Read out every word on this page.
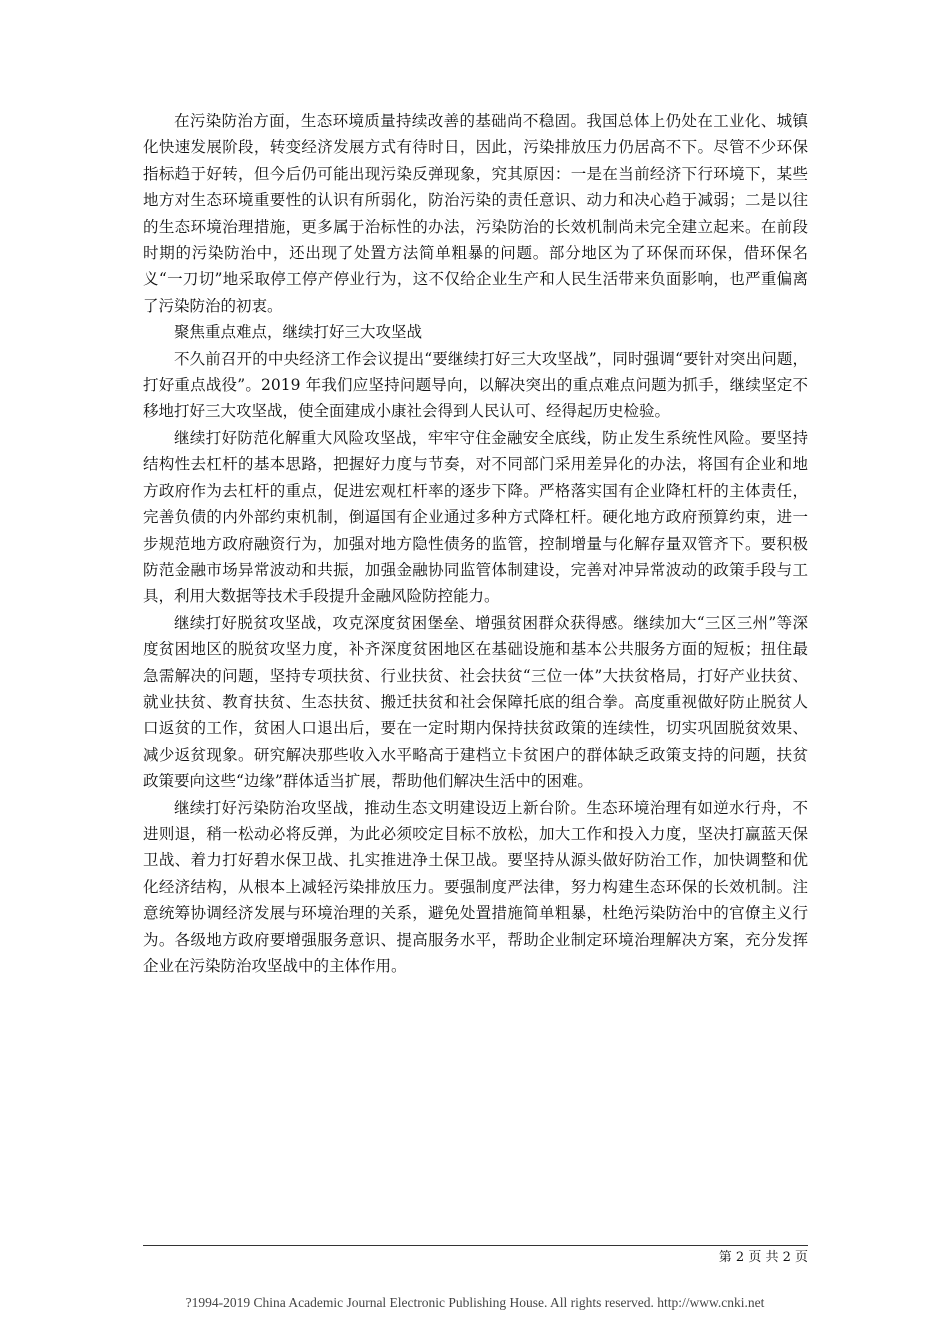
在污染防治方面，生态环境质量持续改善的基础尚不稳固。我国总体上仍处在工业化、城镇化快速发展阶段，转变经济发展方式有待时日，因此，污染排放压力仍居高不下。尽管不少环保指标趋于好转，但今后仍可能出现污染反弹现象，究其原因：一是在当前经济下行环境下，某些地方对生态环境重要性的认识有所弱化，防治污染的责任意识、动力和决心趋于减弱；二是以往的生态环境治理措施，更多属于治标性的办法，污染防治的长效机制尚未完全建立起来。在前段时期的污染防治中，还出现了处置方法简单粗暴的问题。部分地区为了环保而环保，借环保名义“一刀切”地采取停工停产停业行为，这不仅给企业生产和人民生活带来负面影响，也严重偏离了污染防治的初衷。

聚焦重点难点，继续打好三大攻坚战

不久前召开的中央经济工作会议提出“要继续打好三大攻坚战”，同时强调“要针对突出问题，打好重点战役”。2019 年我们应坚持问题导向，以解决突出的重点难点问题为抓手，继续坚定不移地打好三大攻坚战，使全面建成小康社会得到人民认可、经得起历史检验。

继续打好防范化解重大风险攻坚战，牢牢守住金融安全底线，防止发生系统性风险。要坚持结构性去杠杆的基本思路，把握好力度与节奏，对不同部门采用差异化的办法，将国有企业和地方政府作为去杠杆的重点，促进宏观杠杆率的逐步下降。严格落实国有企业降杠杆的主体责任，完善负债的内外部约束机制，倒逼国有企业通过多种方式降杠杆。硬化地方政府预算约束，进一步规范地方政府融资行为，加强对地方隐性债务的监管，控制增量与化解存量双管齐下。要积极防范金融市场异常波动和共振，加强金融协同监管体制建设，完善对冲异常波动的政策手段与工具，利用大数据等技术手段提升金融风险防控能力。

继续打好脱贫攻坚战，攻克深度贫困堡垒、增强贫困群众获得感。继续加大“三区三州”等深度贫困地区的脱贫攻坚力度，补齐深度贫困地区在基础设施和基本公共服务方面的短板；扭住最急需解决的问题，坚持专项扶贫、行业扶贫、社会扶贫“三位一体”大扶贫格局，打好产业扶贫、就业扶贫、教育扶贫、生态扶贫、搬迁扶贫和社会保障托底的组合拳。高度重视做好防止脱贫人口返贫的工作，贫困人口退出后，要在一定时期内保持扶贫政策的连续性，切实巩固脱贫效果、减少返贫现象。研究解决那些收入水平略高于建档立卡贫困户的群体缺乏政策支持的问题，扶贫政策要向这些“边缘”群体适当扩展，帮助他们解决生活中的困难。

继续打好污染防治攻坚战，推动生态文明建设迈上新台阶。生态环境治理有如逆水行舟，不进则退，稍一松动必将反弹，为此必须咬定目标不放松，加大工作和投入力度，坚决打赢蓝天保卫战、着力打好碧水保卫战、扎实推进净土保卫战。要坚持从源头做好防治工作，加快调整和优化经济结构，从根本上减轻污染排放压力。要强制度严法律，努力构建生态环保的长效机制。注意统筹协调经济发展与环境治理的关系，避免处置措施简单粗暴，杜绝污染防治中的官僚主义行为。各级地方政府要增强服务意识、提高服务水平，帮助企业制定环境治理解决方案，充分发挥企业在污染防治攻坚战中的主体作用。

第 2 页 共 2 页
?1994-2019 China Academic Journal Electronic Publishing House. All rights reserved. http://www.cnki.net
